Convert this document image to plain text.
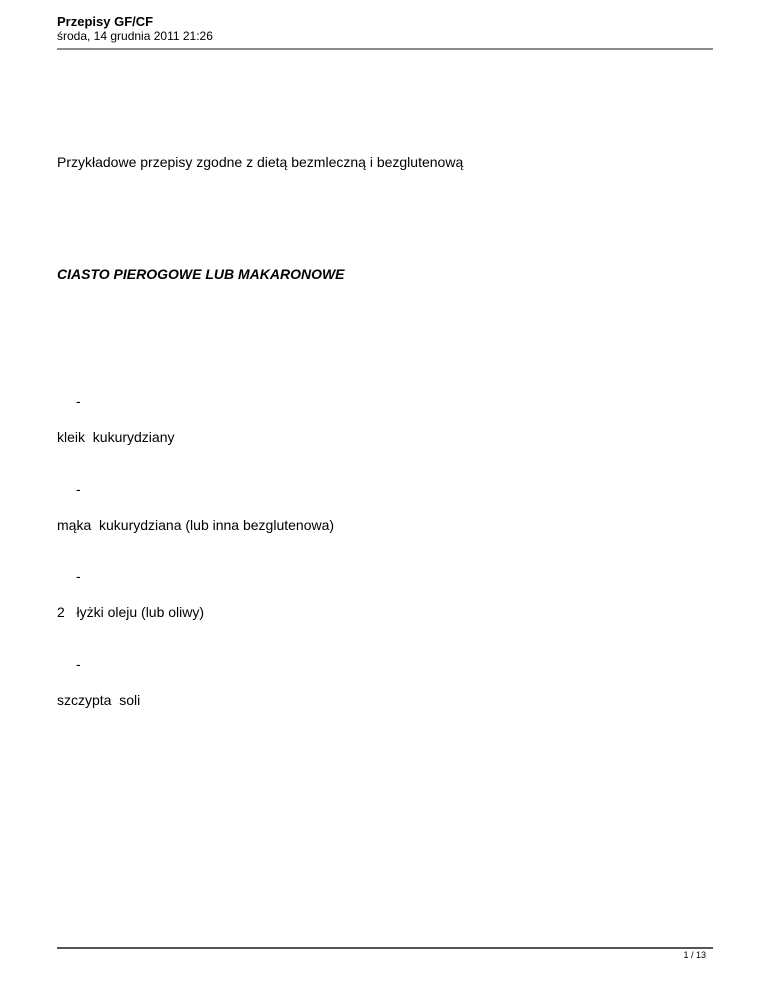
Przepisy GF/CF
środa, 14 grudnia 2011 21:26
Przykładowe przepisy zgodne z dietą bezmleczną i bezglutenową
CIASTO PIEROGOWE LUB MAKARONOWE
-
kleik  kukurydziany
-
mąka  kukurydziana (lub inna bezglutenowa)
-
2   łyżki oleju (lub oliwy)
-
szczypta  soli
1 / 13
